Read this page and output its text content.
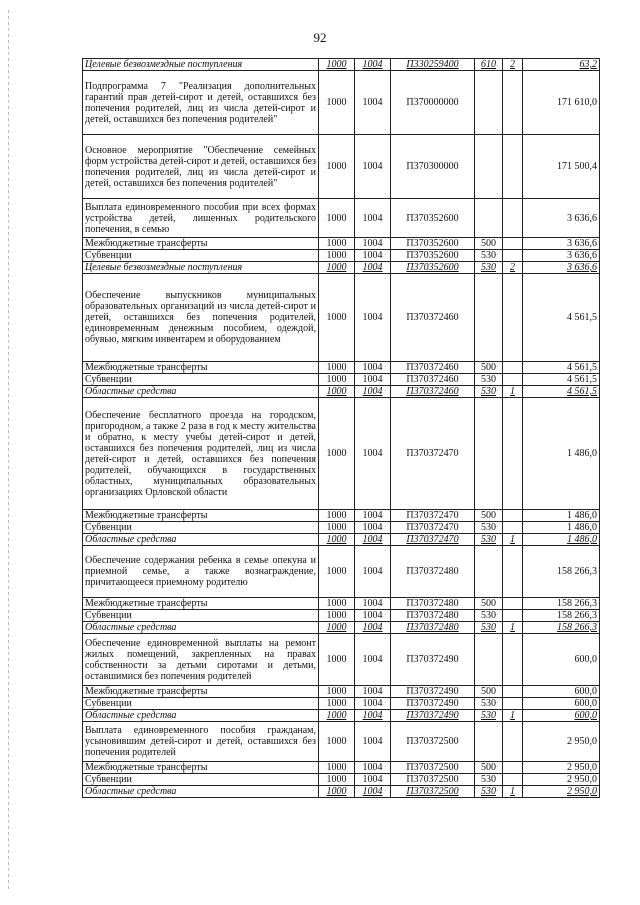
92
Целевые безвозмездные поступления	1000	1004	П330259400	610	2	63,2
Подпрограмма 7 "Реализация дополнительных гарантий прав детей-сирот и детей, оставшихся без попечения родителей, лиц из числа детей-сирот и детей, оставшихся без попечения родителей"	1000	1004	П370000000			171 610,0
Основное мероприятие "Обеспечение семейных форм устройства детей-сирот и детей, оставшихся без попечения родителей, лиц из числа детей-сирот и детей, оставшихся без попечения родителей"	1000	1004	П370300000			171 500,4
Выплата единовременного пособия при всех формах устройства детей, лишенных родительского попечения, в семью	1000	1004	П370352600			3 636,6
Межбюджетные трансферты	1000	1004	П370352600	500		3 636,6
Субвенции	1000	1004	П370352600	530		3 636,6
Целевые безвозмездные поступления	1000	1004	П370352600	530	2	3 636,6
Обеспечение выпускников муниципальных образовательных организаций из числа детей-сирот и детей, оставшихся без попечения родителей, единовременным денежным пособием, одеждой, обувью, мягким инвентарем и оборудованием	1000	1004	П370372460			4 561,5
Межбюджетные трансферты	1000	1004	П370372460	500		4 561,5
Субвенции	1000	1004	П370372460	530		4 561,5
Областные средства	1000	1004	П370372460	530	1	4 561,5
Обеспечение бесплатного проезда на городском, пригородном, а также 2 раза в год к месту жительства и обратно, к месту учебы детей-сирот и детей, оставшихся без попечения родителей, лиц из числа детей-сирот и детей, оставшихся без попечения родителей, обучающихся в государственных областных, муниципальных образовательных организациях Орловской области	1000	1004	П370372470			1 486,0
Межбюджетные трансферты	1000	1004	П370372470	500		1 486,0
Субвенции	1000	1004	П370372470	530		1 486,0
Областные средства	1000	1004	П370372470	530	1	1 486,0
Обеспечение содержания ребенка в семье опекуна и приемной семье, а также вознаграждение, причитающееся приемному родителю	1000	1004	П370372480			158 266,3
Межбюджетные трансферты	1000	1004	П370372480	500		158 266,3
Субвенции	1000	1004	П370372480	530		158 266,3
Областные средства	1000	1004	П370372480	530	1	158 266,3
Обеспечение единовременной выплаты на ремонт жилых помещений, закрепленных на правах собственности за детьми сиротами и детьми, оставшимися без попечения родителей	1000	1004	П370372490			600,0
Межбюджетные трансферты	1000	1004	П370372490	500		600,0
Субвенции	1000	1004	П370372490	530		600,0
Областные средства	1000	1004	П370372490	530	1	600,0
Выплата единовременного пособия гражданам, усыновившим детей-сирот и детей, оставшихся без попечения родителей	1000	1004	П370372500			2 950,0
Межбюджетные трансферты	1000	1004	П370372500	500		2 950,0
Субвенции	1000	1004	П370372500	530		2 950,0
Областные средства	1000	1004	П370372500	530	1	2 950,0
